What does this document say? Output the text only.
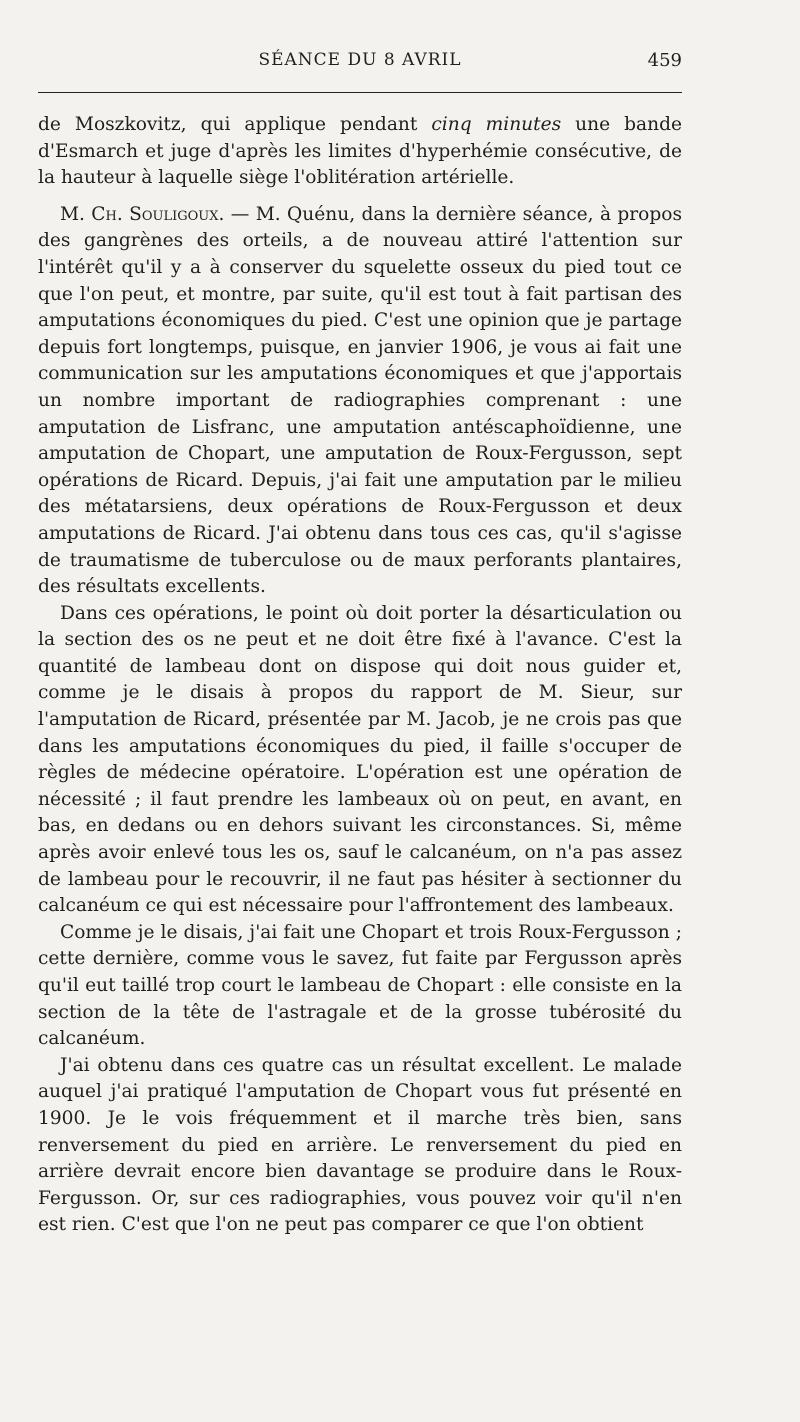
SÉANCE DU 8 AVRIL	459

de Moszkovitz, qui applique pendant cinq minutes une bande d'Esmarch et juge d'après les limites d'hyperhémie consécutive, de la hauteur à laquelle siège l'oblitération artérielle.

M. Ch. Souligoux. — M. Quénu, dans la dernière séance, à propos des gangrènes des orteils, a de nouveau attiré l'attention sur l'intérêt qu'il y a à conserver du squelette osseux du pied tout ce que l'on peut, et montre, par suite, qu'il est tout à fait partisan des amputations économiques du pied. C'est une opinion que je partage depuis fort longtemps, puisque, en janvier 1906, je vous ai fait une communication sur les amputations économiques et que j'apportais un nombre important de radiographies comprenant : une amputation de Lisfranc, une amputation antéscaphoïdienne, une amputation de Chopart, une amputation de Roux-Fergusson, sept opérations de Ricard. Depuis, j'ai fait une amputation par le milieu des métatarsiens, deux opérations de Roux-Fergusson et deux amputations de Ricard. J'ai obtenu dans tous ces cas, qu'il s'agisse de traumatisme de tuberculose ou de maux perforants plantaires, des résultats excellents.

Dans ces opérations, le point où doit porter la désarticulation ou la section des os ne peut et ne doit être fixé à l'avance. C'est la quantité de lambeau dont on dispose qui doit nous guider et, comme je le disais à propos du rapport de M. Sieur, sur l'amputation de Ricard, présentée par M. Jacob, je ne crois pas que dans les amputations économiques du pied, il faille s'occuper de règles de médecine opératoire. L'opération est une opération de nécessité ; il faut prendre les lambeaux où on peut, en avant, en bas, en dedans ou en dehors suivant les circonstances. Si, même après avoir enlevé tous les os, sauf le calcanéum, on n'a pas assez de lambeau pour le recouvrir, il ne faut pas hésiter à sectionner du calcanéum ce qui est nécessaire pour l'affrontement des lambeaux.

Comme je le disais, j'ai fait une Chopart et trois Roux-Fergusson ; cette dernière, comme vous le savez, fut faite par Fergusson après qu'il eut taillé trop court le lambeau de Chopart : elle consiste en la section de la tête de l'astragale et de la grosse tubérosité du calcanéum.

J'ai obtenu dans ces quatre cas un résultat excellent. Le malade auquel j'ai pratiqué l'amputation de Chopart vous fut présenté en 1900. Je le vois fréquemment et il marche très bien, sans renversement du pied en arrière. Le renversement du pied en arrière devrait encore bien davantage se produire dans le Roux-Fergusson. Or, sur ces radiographies, vous pouvez voir qu'il n'en est rien. C'est que l'on ne peut pas comparer ce que l'on obtient
